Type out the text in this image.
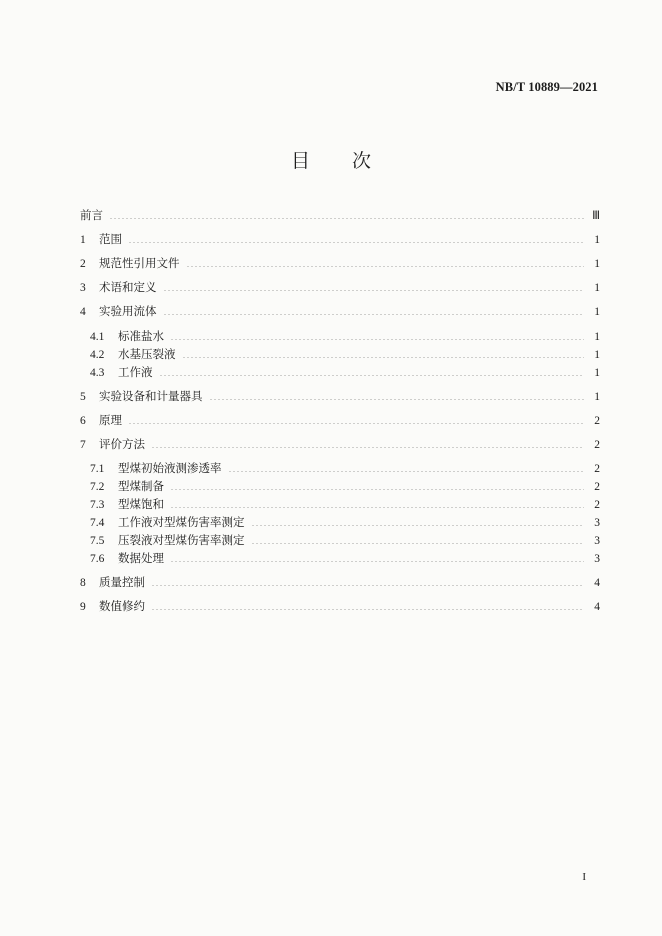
NB/T 10889—2021
目 次
前言	Ⅲ
1	范围	1
2	规范性引用文件	1
3	术语和定义	1
4	实验用流体	1
4.1	标准盐水	1
4.2	水基压裂液	1
4.3	工作液	1
5	实验设备和计量器具	1
6	原理	2
7	评价方法	2
7.1	型煤初始液测渗透率	2
7.2	型煤制备	2
7.3	型煤饱和	2
7.4	工作液对型煤伤害率测定	3
7.5	压裂液对型煤伤害率测定	3
7.6	数据处理	3
8	质量控制	4
9	数值修约	4
I
